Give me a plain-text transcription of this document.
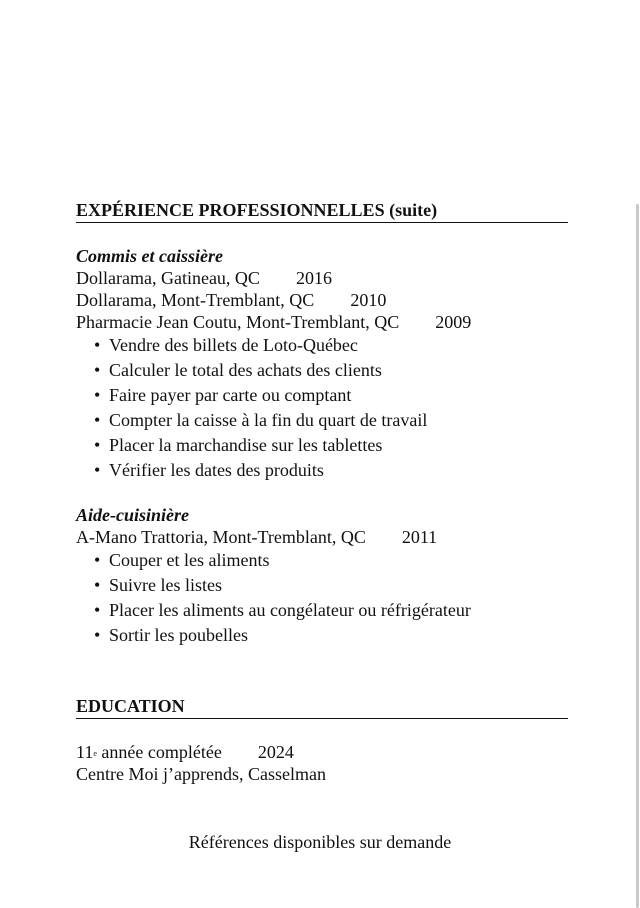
EXPÉRIENCE PROFESSIONNELLES (suite)
Commis et caissière
Dollarama, Gatineau, QC 2016
Dollarama, Mont-Tremblant, QC 2010
Pharmacie Jean Coutu, Mont-Tremblant, QC 2009
• Vendre des billets de Loto-Québec
• Calculer le total des achats des clients
• Faire payer par carte ou comptant
• Compter la caisse à la fin du quart de travail
• Placer la marchandise sur les tablettes
• Vérifier les dates des produits
Aide-cuisinière
A-Mano Trattoria, Mont-Tremblant, QC 2011
• Couper et les aliments
• Suivre les listes
• Placer les aliments au congélateur ou réfrigérateur
• Sortir les poubelles
EDUCATION
11e année complétée 2024
Centre Moi j’apprends, Casselman
Références disponibles sur demande
